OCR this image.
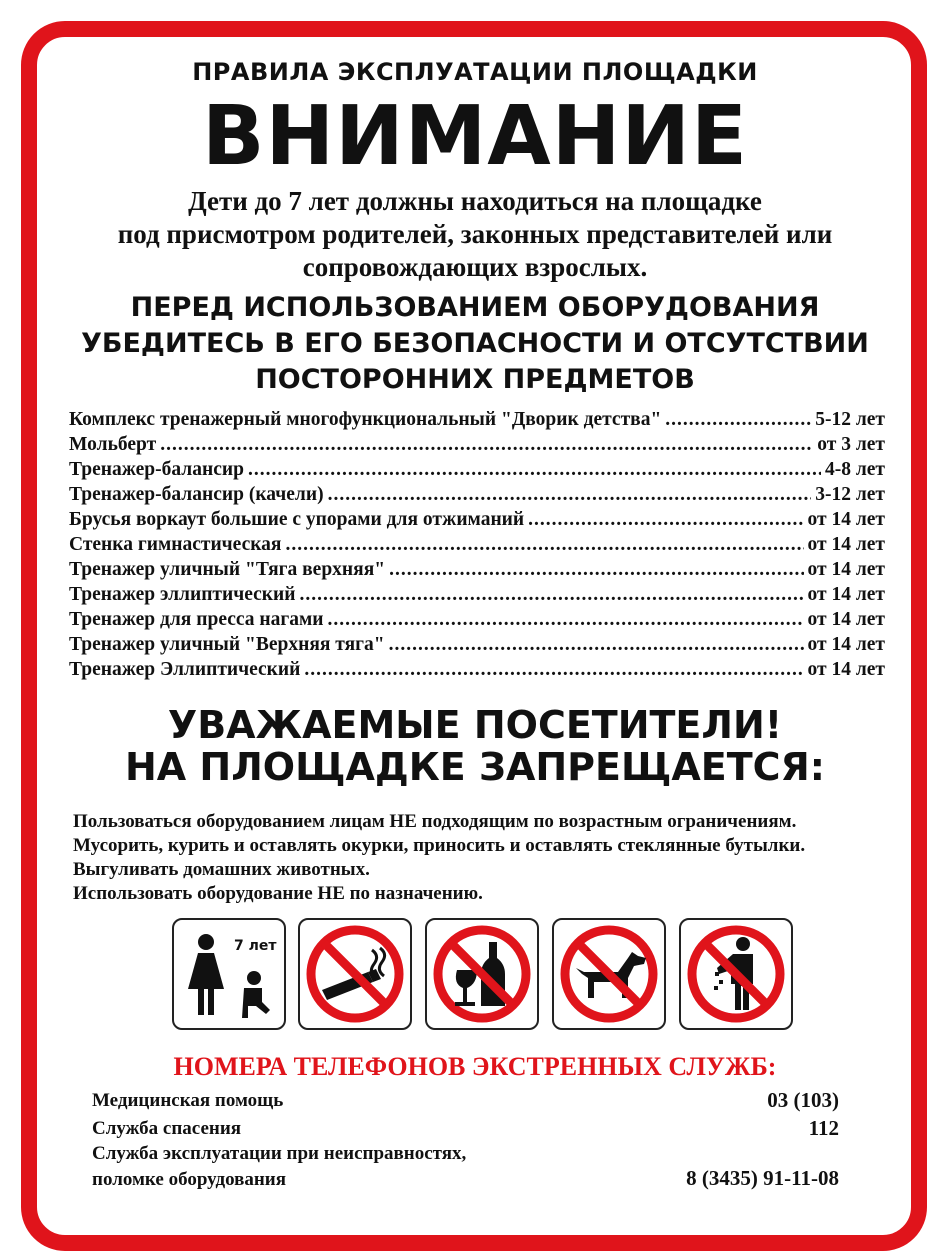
ПРАВИЛА ЭКСПЛУАТАЦИИ ПЛОЩАДКИ
ВНИМАНИЕ
Дети до 7 лет должны находиться на площадке
под присмотром родителей, законных представителей или
сопровождающих взрослых.
ПЕРЕД ИСПОЛЬЗОВАНИЕМ ОБОРУДОВАНИЯ
УБЕДИТЕСЬ В ЕГО БЕЗОПАСНОСТИ И ОТСУТСТВИИ
ПОСТОРОННИХ ПРЕДМЕТОВ
Комплекс тренажерный многофункциональный "Дворик детства" .....	5-12 лет
Мольберт .....	от 3 лет
Тренажер-балансир .....	4-8 лет
Тренажер-балансир (качели) .....	3-12 лет
Брусья воркаут большие с упорами для отжиманий .....	от 14 лет
Стенка гимнастическая .....	от 14 лет
Тренажер уличный "Тяга верхняя" .....	от 14 лет
Тренажер эллиптический .....	от 14 лет
Тренажер для пресса нагами .....	от 14 лет
Тренажер уличный "Верхняя тяга" .....	от 14 лет
Тренажер Эллиптический .....	от 14 лет
УВАЖАЕМЫЕ ПОСЕТИТЕЛИ!
НА ПЛОЩАДКЕ ЗАПРЕЩАЕТСЯ:
Пользоваться оборудованием лицам НЕ подходящим по возрастным ограничениям.
Мусорить, курить и оставлять окурки, приносить и оставлять стеклянные бутылки.
Выгуливать домашних животных.
Использовать оборудование НЕ по назначению.
7 лет
НОМЕРА ТЕЛЕФОНОВ ЭКСТРЕННЫХ СЛУЖБ:
Медицинская помощь	03 (103)
Служба спасения	112
Служба эксплуатации при неисправностях,
поломке оборудования	8 (3435) 91-11-08
